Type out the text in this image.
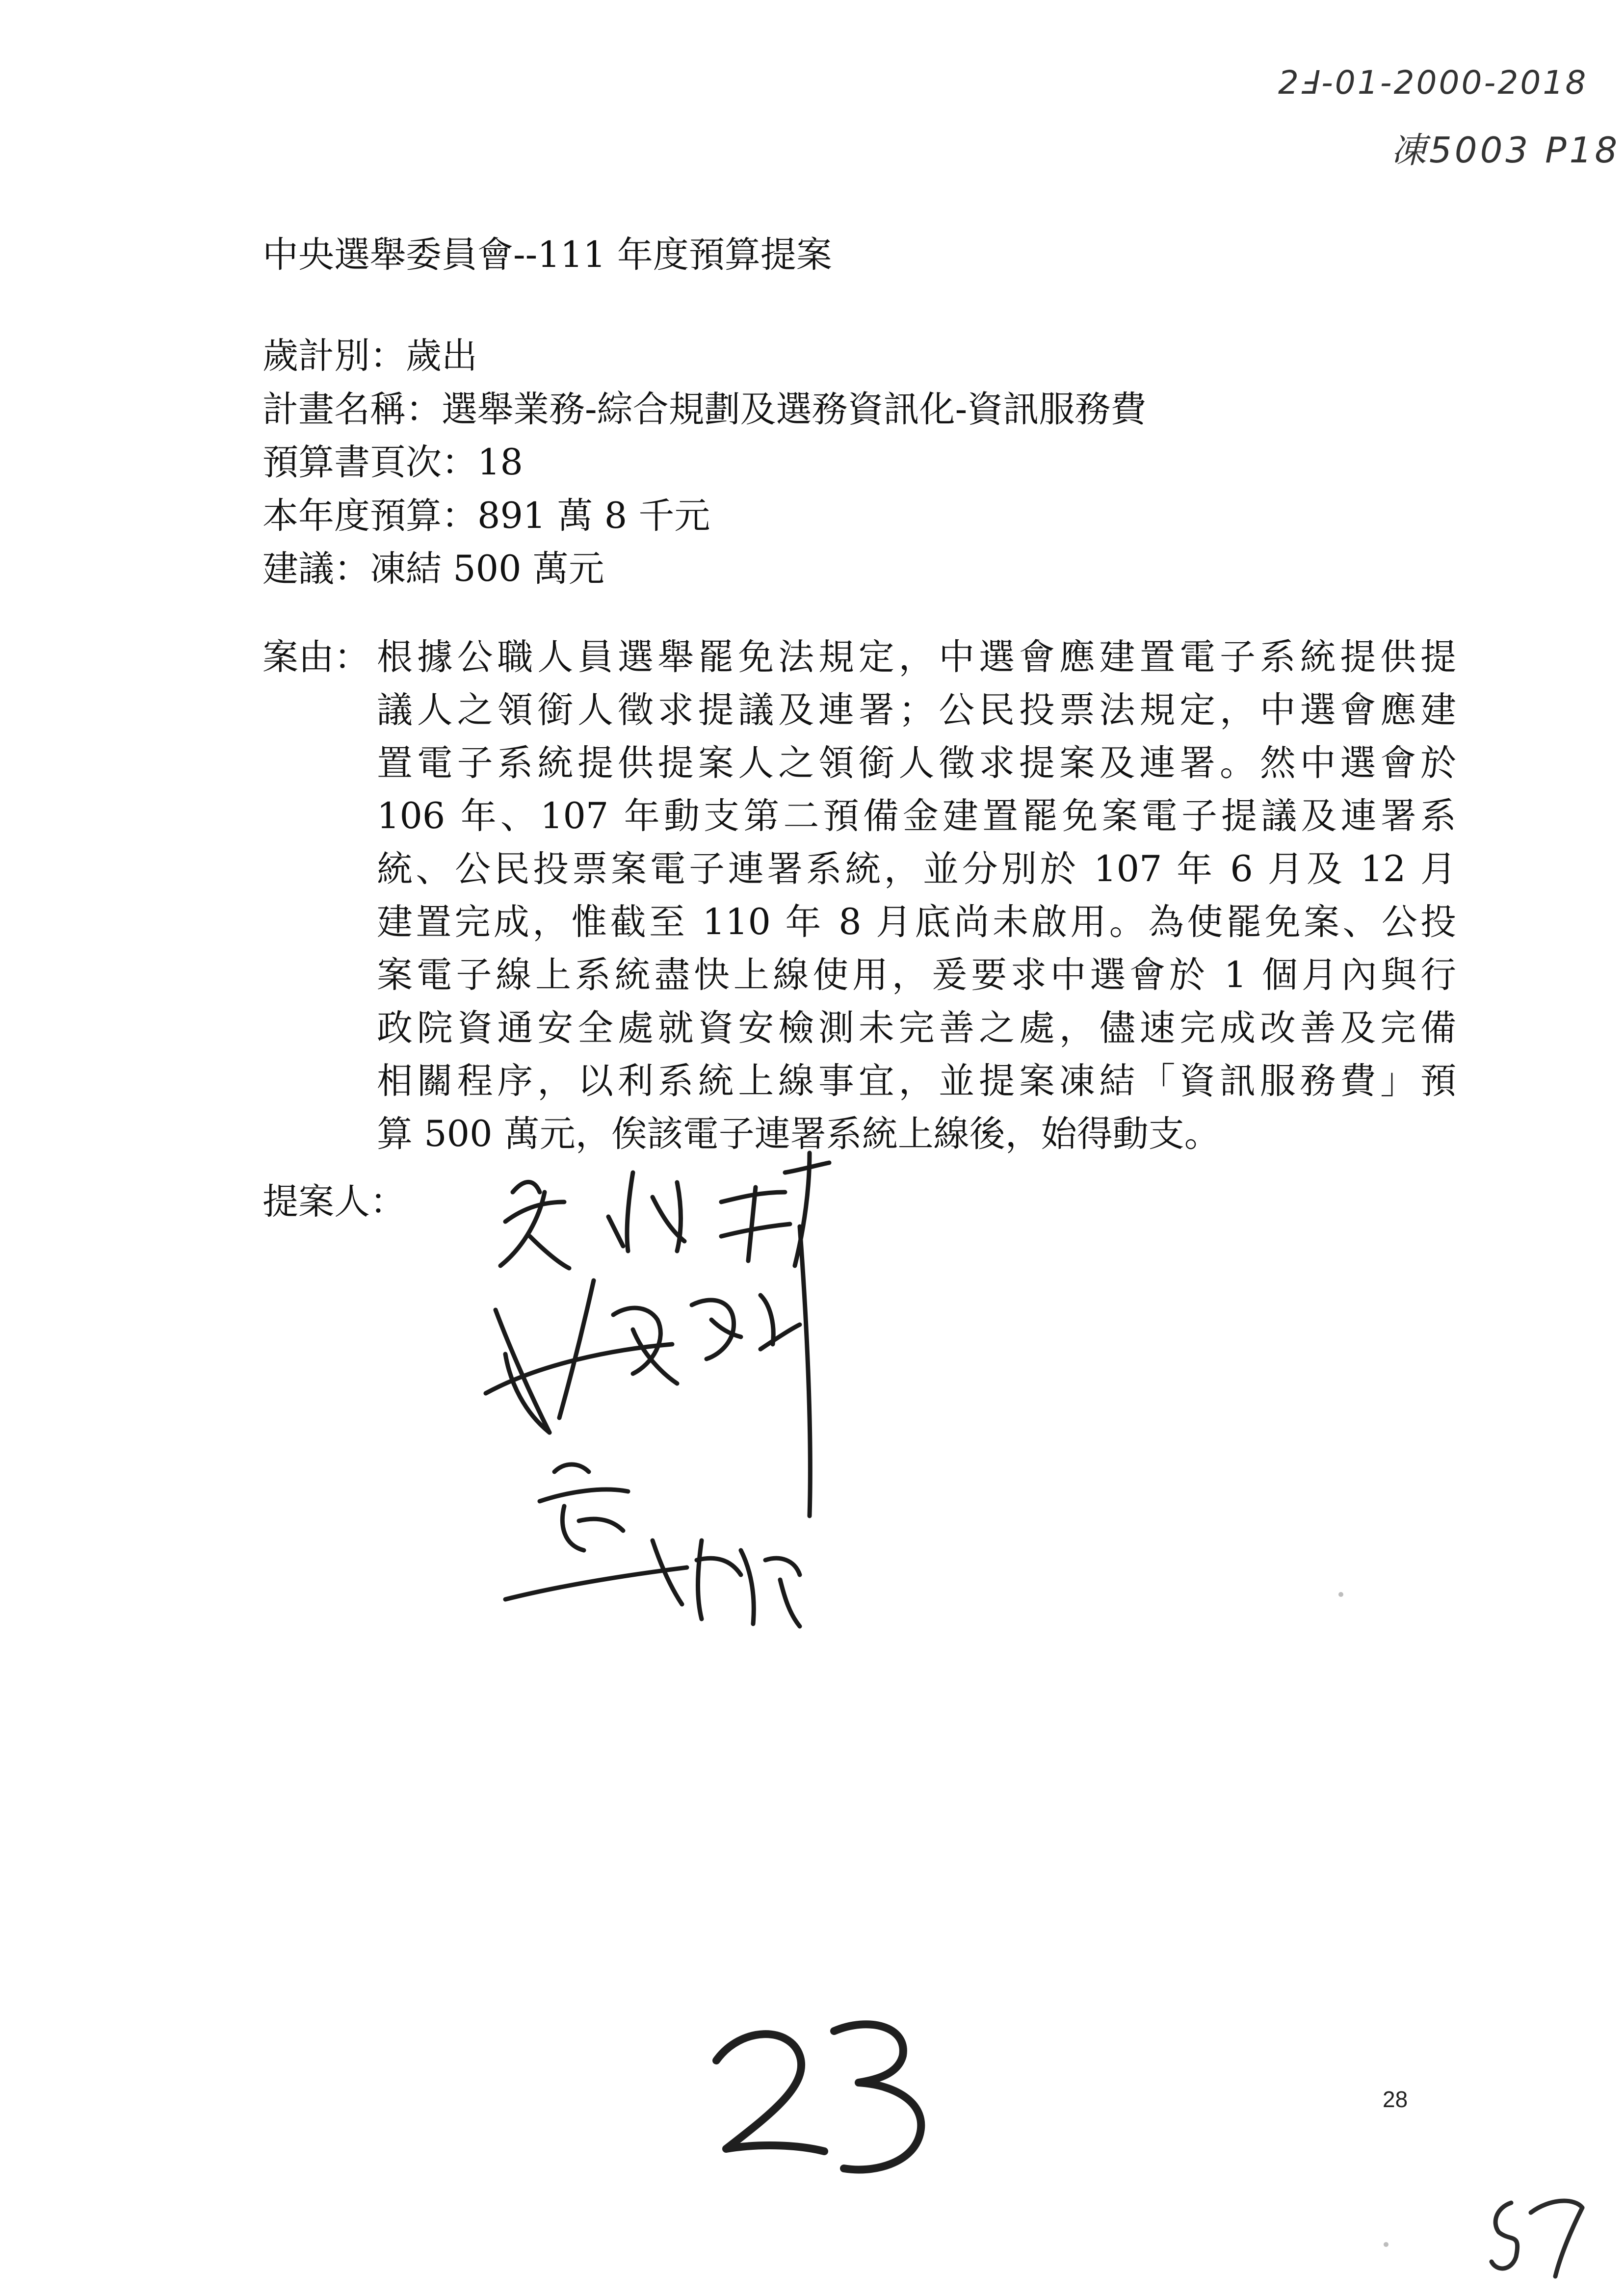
2Ⅎ-01-2000-2018
凍5003 P18
中央選舉委員會--111 年度預算提案
歲計別：歲出
計畫名稱：選舉業務-綜合規劃及選務資訊化-資訊服務費
預算書頁次：18
本年度預算：891 萬 8 千元
建議：凍結 500 萬元
案由： 根據公職人員選舉罷免法規定，中選會應建置電子系統提供提
議人之領銜人徵求提議及連署；公民投票法規定，中選會應建
置電子系統提供提案人之領銜人徵求提案及連署。然中選會於
106 年、107 年動支第二預備金建置罷免案電子提議及連署系
統、公民投票案電子連署系統，並分別於 107 年 6 月及 12 月
建置完成，惟截至 110 年 8 月底尚未啟用。為使罷免案、公投
案電子線上系統盡快上線使用，爰要求中選會於 1 個月內與行
政院資通安全處就資安檢測未完善之處，儘速完成改善及完備
相關程序，以利系統上線事宜，並提案凍結「資訊服務費」預
算 500 萬元，俟該電子連署系統上線後，始得動支。
提案人：
28
